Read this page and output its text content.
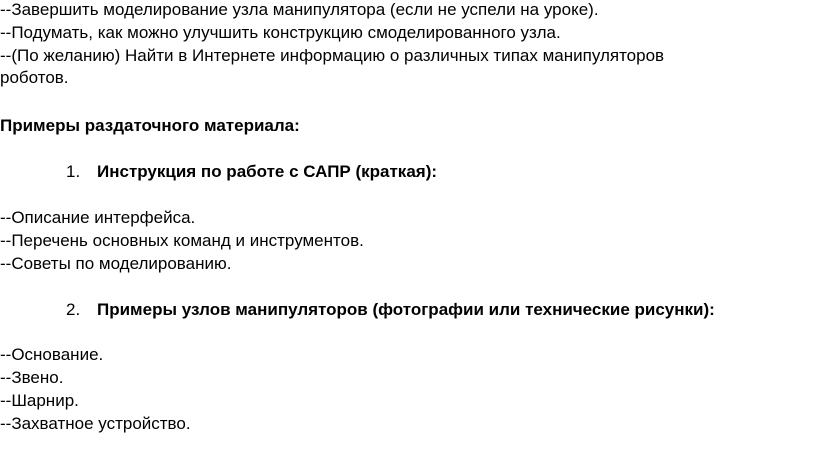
--Завершить моделирование узла манипулятора (если не успели на уроке).
--Подумать, как можно улучшить конструкцию смоделированного узла.
--(По желанию) Найти в Интернете информацию о различных типах манипуляторов
роботов.
Примеры раздаточного материала:
1. Инструкция по работе с САПР (краткая):
--Описание интерфейса.
--Перечень основных команд и инструментов.
--Советы по моделированию.
2. Примеры узлов манипуляторов (фотографии или технические рисунки):
--Основание.
--Звено.
--Шарнир.
--Захватное устройство.
